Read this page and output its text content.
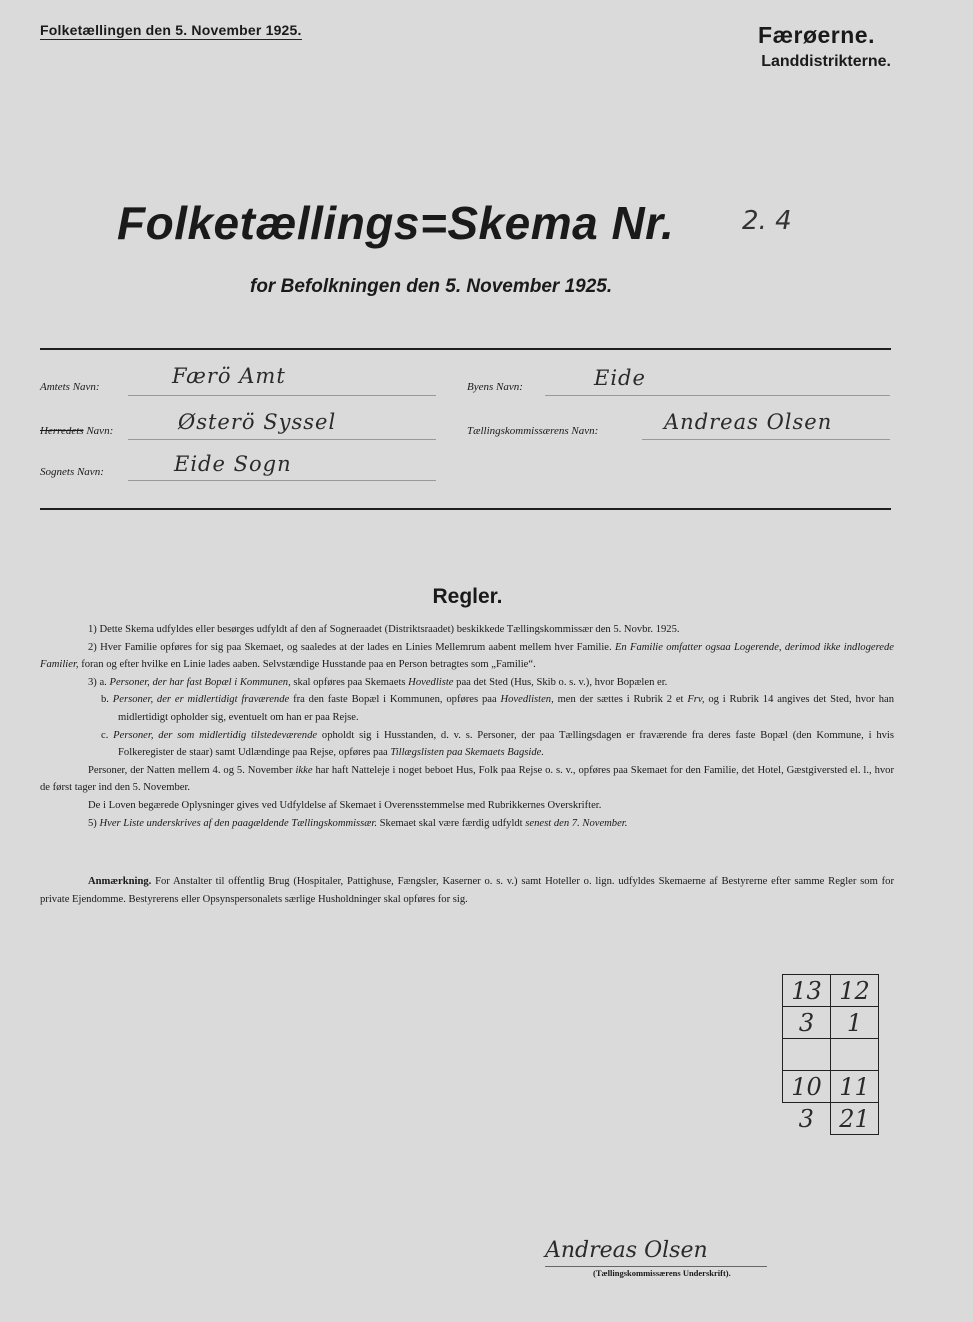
Folketællingen den 5. November 1925.	Færøerne.
Landdistrikterne.
Folketællings=Skema Nr.	2. 4
for Befolkningen den 5. November 1925.
Amtets Navn:	Færö Amt
Herredets Navn:	Østerö Syssel
Sognets Navn:	Eide Sogn
Byens Navn:	Eide
Tællingskommissærens Navn:	Andreas Olsen
Regler.

1) Dette Skema udfyldes eller besørges udfyldt af den af Sogneraadet (Distriktsraadet) beskikkede Tællingskommissær den 5. Novbr. 1925.

2) Hver Familie opføres for sig paa Skemaet, og saaledes at der lades en Linies Mellemrum aabent mellem hver Familie. En Familie omfatter ogsaa Logerende, derimod ikke indlogerede Familier, foran og efter hvilke en Linie lades aaben. Selvstændige Husstande paa en Person betragtes som „Familie“.

3) a. Personer, der har fast Bopæl i Kommunen, skal opføres paa Skemaets Hovedliste paa det Sted (Hus, Skib o. s. v.), hvor Bopælen er.

b. Personer, der er midlertidigt fraværende fra den faste Bopæl i Kommunen, opføres paa Hovedlisten, men der sættes i Rubrik 2 et Frv, og i Rubrik 14 angives det Sted, hvor han midlertidigt opholder sig, eventuelt om han er paa Rejse.

c. Personer, der som midlertidig tilstedeværende opholdt sig i Husstanden, d. v. s. Personer, der paa Tællingsdagen er fraværende fra deres faste Bopæl (den Kommune, i hvis Folkeregister de staar) samt Udlændinge paa Rejse, opføres paa Tillægslisten paa Skemaets Bagside.

Personer, der Natten mellem 4. og 5. November ikke har haft Natteleje i noget beboet Hus, Folk paa Rejse o. s. v., opføres paa Skemaet for den Familie, det Hotel, Gæstgiversted el. l., hvor de først tager ind den 5. November.

De i Loven begærede Oplysninger gives ved Udfyldelse af Skemaet i Overensstemmelse med Rubrikkernes Overskrifter.

5) Hver Liste underskrives af den paagældende Tællingskommissær. Skemaet skal være færdig udfyldt senest den 7. November.

Anmærkning. For Anstalter til offentlig Brug (Hospitaler, Pattighuse, Fængsler, Kaserner o. s. v.) samt Hoteller o. lign. udfyldes Skemaerne af Bestyrerne efter samme Regler som for private Ejendomme. Bestyrerens eller Opsynspersonalets særlige Husholdninger skal opføres for sig.
13	12
3	1

10	11
3	21
Andreas Olsen
(Tællingskommissærens Underskrift).
